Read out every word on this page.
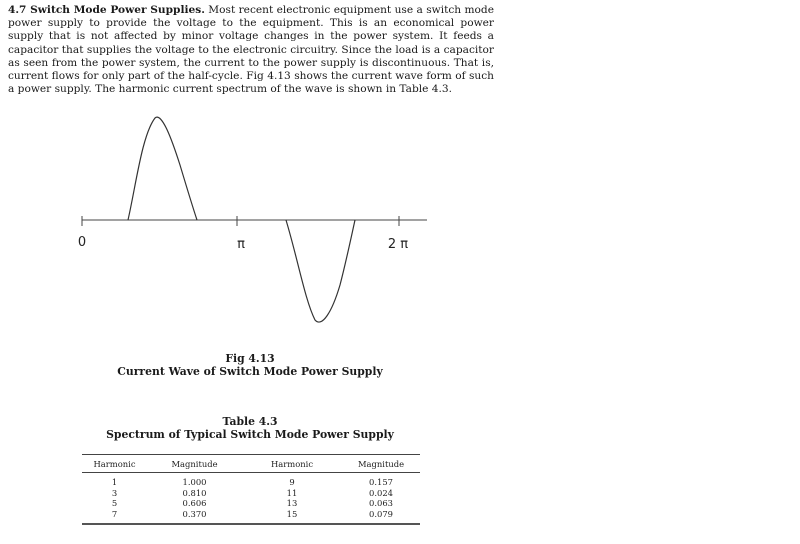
4.7 Switch Mode Power Supplies. Most recent electronic equipment use a switch mode power supply to provide the voltage to the equipment. This is an economical power supply that is not affected by minor voltage changes in the power system. It feeds a capacitor that supplies the voltage to the electronic circuitry. Since the load is a capacitor as seen from the power system, the current to the power supply is discontinuous. That is, current flows for only part of the half-cycle. Fig 4.13 shows the current wave form of such a power supply. The harmonic current spectrum of the wave is shown in Table 4.3.
0	π	2 π
Fig 4.13
Current Wave of Switch Mode Power Supply
Table 4.3
Spectrum of Typical Switch Mode Power Supply
Harmonic	Magnitude	Harmonic	Magnitude
1	1.000	9	0.157
3	0.810	11	0.024
5	0.606	13	0.063
7	0.370	15	0.079
